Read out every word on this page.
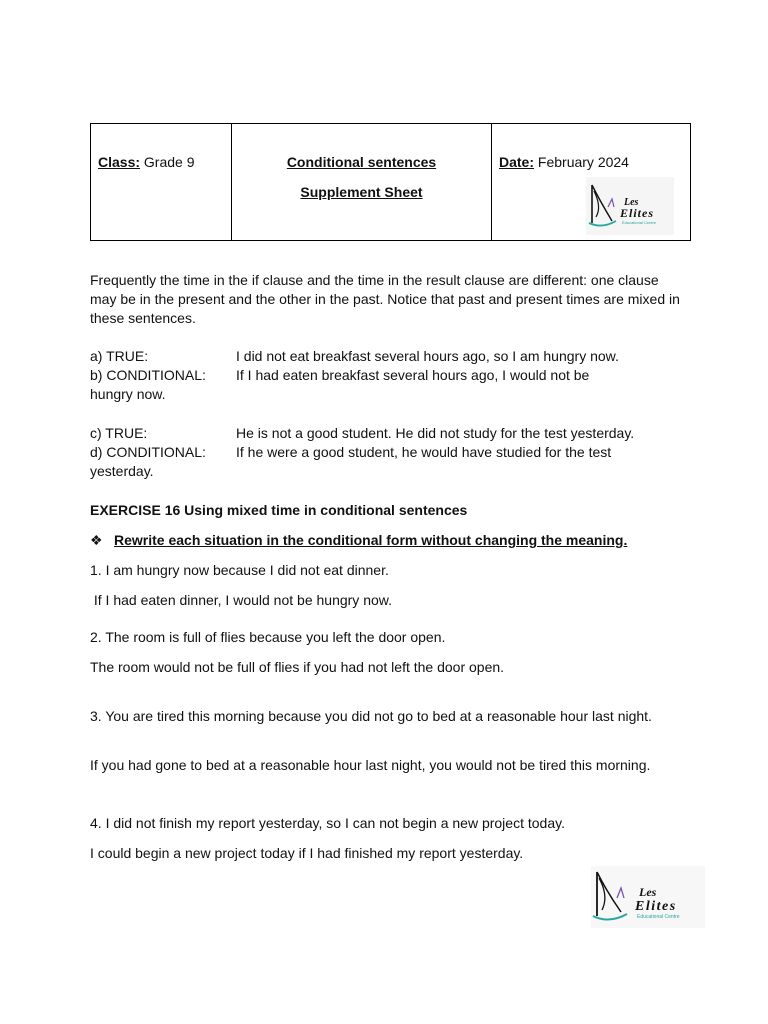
Class: Grade 9	Conditional sentences
Supplement Sheet
Date: February 2024
Les
Elites
Educational Centre
Frequently the time in the if clause and the time in the result clause are different: one clause may be in the present and the other in the past. Notice that past and present times are mixed in these sentences.
a) TRUE:	I did not eat breakfast several hours ago, so I am hungry now.
b) CONDITIONAL: If I had eaten breakfast several hours ago, I would not be
hungry now.
c) TRUE:	He is not a good student. He did not study for the test yesterday.
d) CONDITIONAL: If he were a good student, he would have studied for the test
yesterday.
EXERCISE 16 Using mixed time in conditional sentences
❖ Rewrite each situation in the conditional form without changing the meaning.
1. I am hungry now because I did not eat dinner.
If I had eaten dinner, I would not be hungry now.
2. The room is full of flies because you left the door open.
The room would not be full of flies if you had not left the door open.
3. You are tired this morning because you did not go to bed at a reasonable hour last night.
If you had gone to bed at a reasonable hour last night, you would not be tired this morning.
4. I did not finish my report yesterday, so I can not begin a new project today.
I could begin a new project today if I had finished my report yesterday.
Les
Elites
Educational Centre
